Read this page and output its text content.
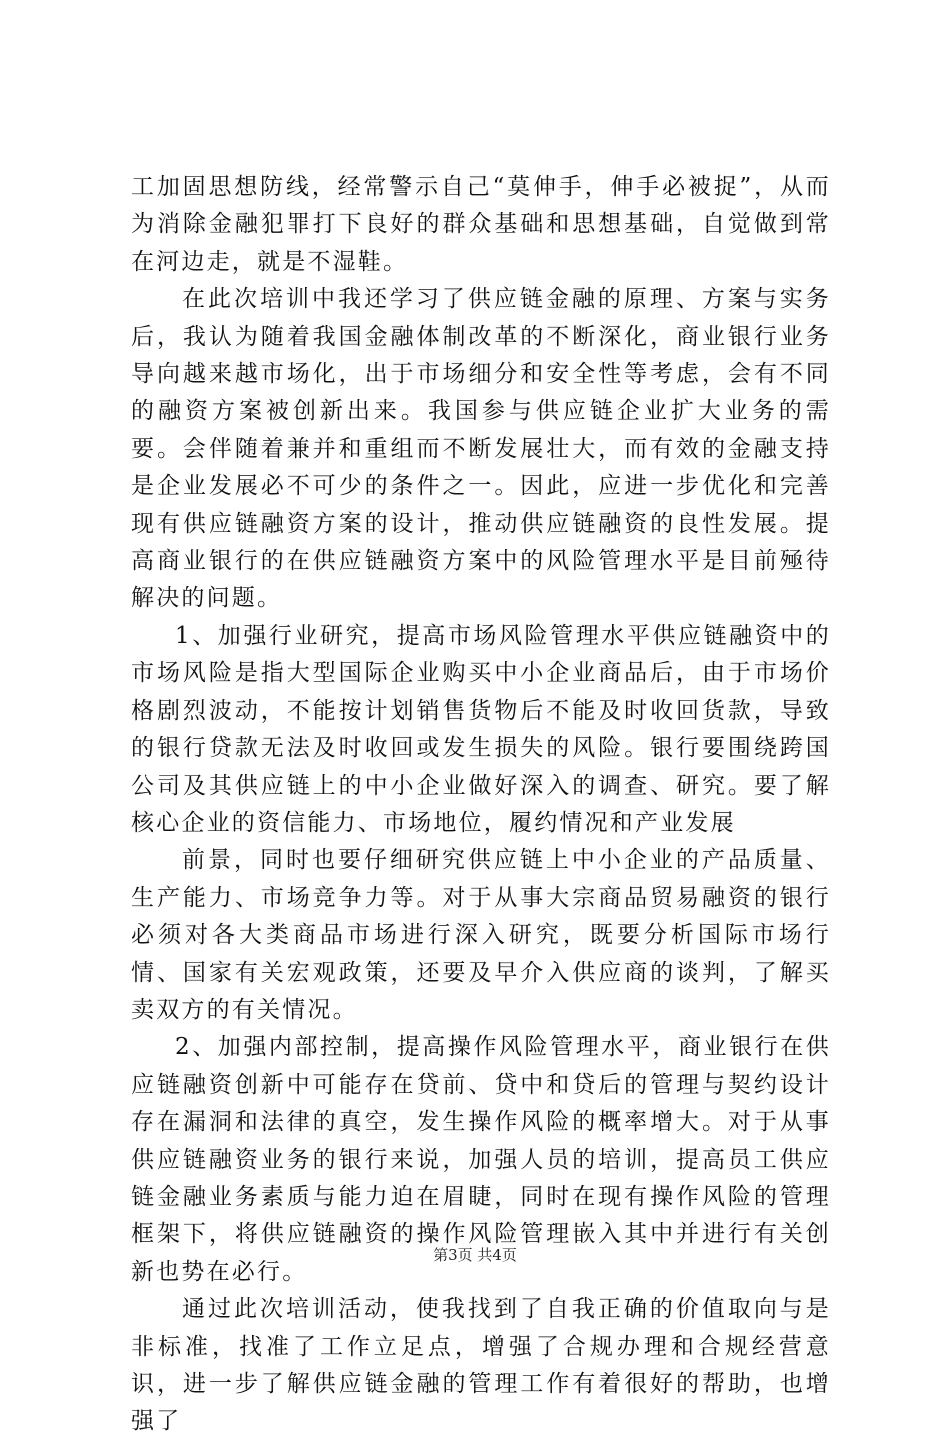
工加固思想防线，经常警示自己“莫伸手，伸手必被捉”，从而为消除金融犯罪打下良好的群众基础和思想基础，自觉做到常在河边走，就是不湿鞋。

在此次培训中我还学习了供应链金融的原理、方案与实务后，我认为随着我国金融体制改革的不断深化，商业银行业务导向越来越市场化，出于市场细分和安全性等考虑，会有不同的融资方案被创新出来。我国参与供应链企业扩大业务的需要。会伴随着兼并和重组而不断发展壮大，而有效的金融支持是企业发展必不可少的条件之一。因此，应进一步优化和完善现有供应链融资方案的设计，推动供应链融资的良性发展。提高商业银行的在供应链融资方案中的风险管理水平是目前殛待解决的问题。

1、加强行业研究，提高市场风险管理水平供应链融资中的市场风险是指大型国际企业购买中小企业商品后，由于市场价格剧烈波动，不能按计划销售货物后不能及时收回货款，导致的银行贷款无法及时收回或发生损失的风险。银行要围绕跨国公司及其供应链上的中小企业做好深入的调查、研究。要了解核心企业的资信能力、市场地位，履约情况和产业发展

前景，同时也要仔细研究供应链上中小企业的产品质量、生产能力、市场竞争力等。对于从事大宗商品贸易融资的银行必须对各大类商品市场进行深入研究，既要分析国际市场行情、国家有关宏观政策，还要及早介入供应商的谈判，了解买卖双方的有关情况。

2、加强内部控制，提高操作风险管理水平，商业银行在供应链融资创新中可能存在贷前、贷中和贷后的管理与契约设计存在漏洞和法律的真空，发生操作风险的概率增大。对于从事供应链融资业务的银行来说，加强人员的培训，提高员工供应链金融业务素质与能力迫在眉睫，同时在现有操作风险的管理框架下，将供应链融资的操作风险管理嵌入其中并进行有关创新也势在必行。

通过此次培训活动，使我找到了自我正确的价值取向与是非标准，找准了工作立足点，增强了合规办理和合规经营意识，进一步了解供应链金融的管理工作有着很好的帮助，也增强了

第3页 共4页
